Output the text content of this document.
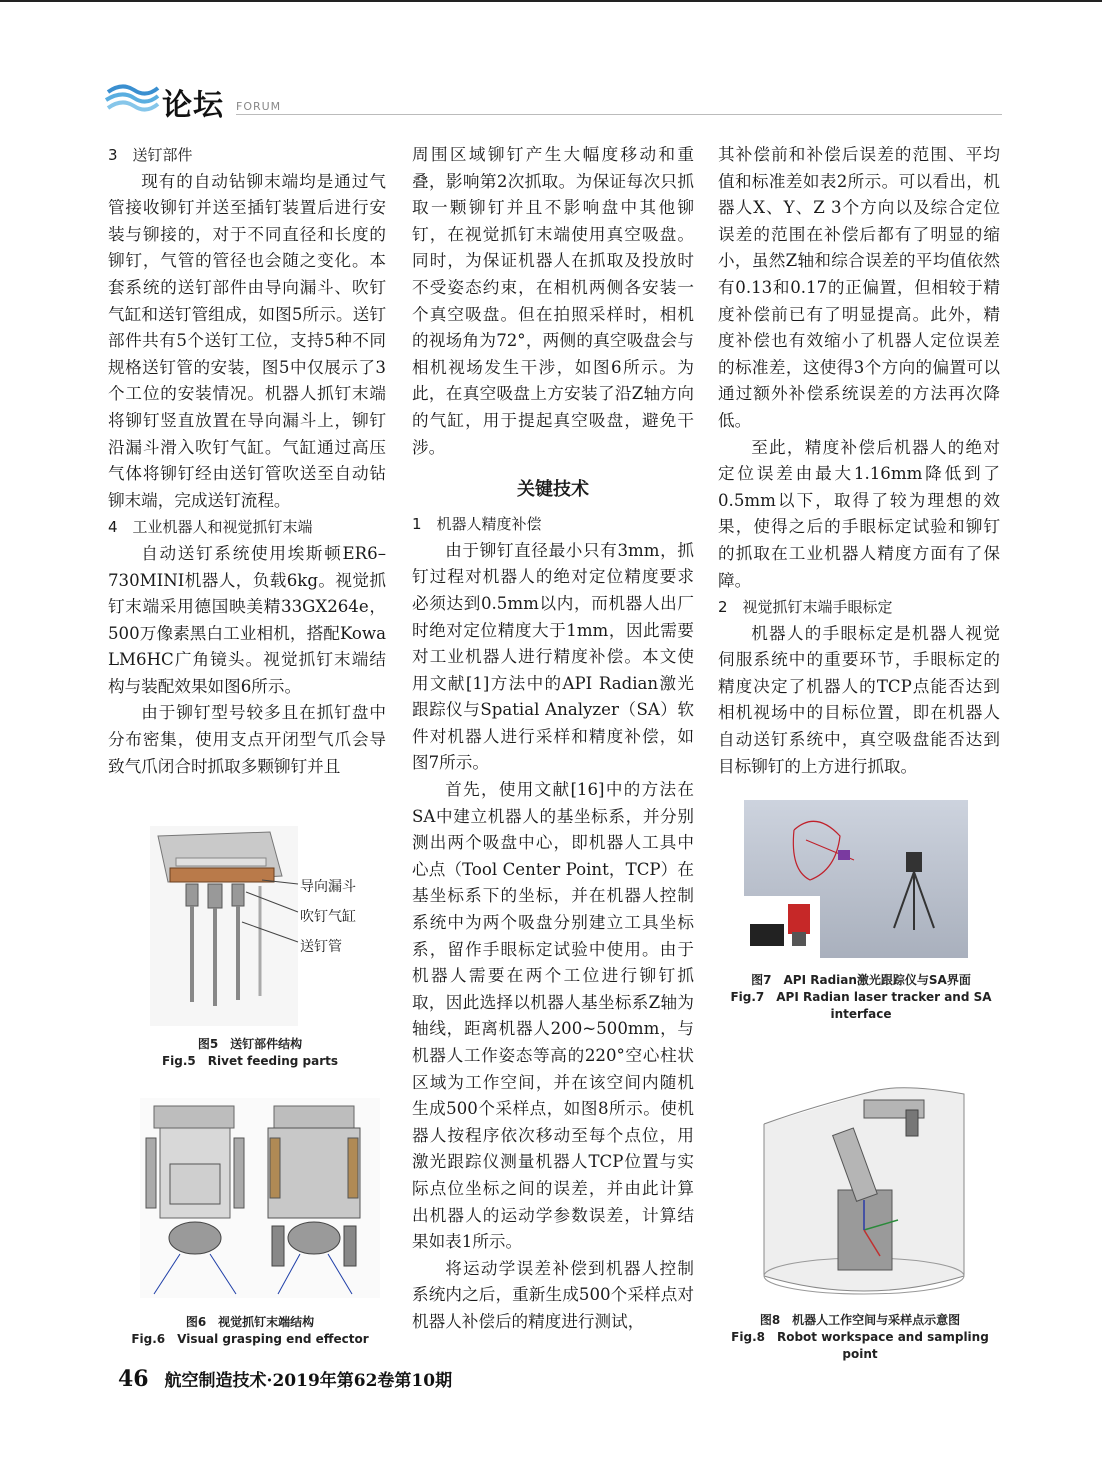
论坛 FORUM

3　送钉部件

现有的自动钻铆末端均是通过气管接收铆钉并送至插钉装置后进行安装与铆接的，对于不同直径和长度的铆钉，气管的管径也会随之变化。本套系统的送钉部件由导向漏斗、吹钉气缸和送钉管组成，如图5所示。送钉部件共有5个送钉工位，支持5种不同规格送钉管的安装，图5中仅展示了3个工位的安装情况。机器人抓钉末端将铆钉竖直放置在导向漏斗上，铆钉沿漏斗滑入吹钉气缸。气缸通过高压气体将铆钉经由送钉管吹送至自动钻铆末端，完成送钉流程。

4　工业机器人和视觉抓钉末端

自动送钉系统使用埃斯顿ER6–730MINI机器人，负载6kg。视觉抓钉末端采用德国映美精33GX264e，500万像素黑白工业相机，搭配Kowa LM6HC广角镜头。视觉抓钉末端结构与装配效果如图6所示。

由于铆钉型号较多且在抓钉盘中分布密集，使用支点开闭型气爪会导致气爪闭合时抓取多颗铆钉并且

导向漏斗
吹钉气缸
送钉管
图5　送钉部件结构
Fig.5　Rivet feeding parts
图6　视觉抓钉末端结构
Fig.6　Visual grasping end effector

周围区域铆钉产生大幅度移动和重叠，影响第2次抓取。为保证每次只抓取一颗铆钉并且不影响盘中其他铆钉，在视觉抓钉末端使用真空吸盘。同时，为保证机器人在抓取及投放时不受姿态约束，在相机两侧各安装一个真空吸盘。但在拍照采样时，相机的视场角为72°，两侧的真空吸盘会与相机视场发生干涉，如图6所示。为此，在真空吸盘上方安装了沿Z轴方向的气缸，用于提起真空吸盘，避免干涉。

关键技术

1　机器人精度补偿

由于铆钉直径最小只有3mm，抓钉过程对机器人的绝对定位精度要求必须达到0.5mm以内，而机器人出厂时绝对定位精度大于1mm，因此需要对工业机器人进行精度补偿。本文使用文献[1]方法中的API Radian激光跟踪仪与Spatial Analyzer（SA）软件对机器人进行采样和精度补偿，如图7所示。

首先，使用文献[16]中的方法在SA中建立机器人的基坐标系，并分别测出两个吸盘中心，即机器人工具中心点（Tool Center Point，TCP）在基坐标系下的坐标，并在机器人控制系统中为两个吸盘分别建立工具坐标系，留作手眼标定试验中使用。由于机器人需要在两个工位进行铆钉抓取，因此选择以机器人基坐标系Z轴为轴线，距离机器人200~500mm，与机器人工作姿态等高的220°空心柱状区域为工作空间，并在该空间内随机生成500个采样点，如图8所示。使机器人按程序依次移动至每个点位，用激光跟踪仪测量机器人TCP位置与实际点位坐标之间的误差，并由此计算出机器人的运动学参数误差，计算结果如表1所示。

将运动学误差补偿到机器人控制系统内之后，重新生成500个采样点对机器人补偿后的精度进行测试，

其补偿前和补偿后误差的范围、平均值和标准差如表2所示。可以看出，机器人X、Y、Z 3个方向以及综合定位误差的范围在补偿后都有了明显的缩小，虽然Z轴和综合误差的平均值依然有0.13和0.17的正偏置，但相较于精度补偿前已有了明显提高。此外，精度补偿也有效缩小了机器人定位误差的标准差，这使得3个方向的偏置可以通过额外补偿系统误差的方法再次降低。

至此，精度补偿后机器人的绝对定位误差由最大1.16mm降低到了0.5mm以下，取得了较为理想的效果，使得之后的手眼标定试验和铆钉的抓取在工业机器人精度方面有了保障。

2　视觉抓钉末端手眼标定

机器人的手眼标定是机器人视觉伺服系统中的重要环节，手眼标定的精度决定了机器人的TCP点能否达到相机视场中的目标位置，即在机器人自动送钉系统中，真空吸盘能否达到目标铆钉的上方进行抓取。

图7　API Radian激光跟踪仪与SA界面
Fig.7　API Radian laser tracker and SA
interface
图8　机器人工作空间与采样点示意图
Fig.8　Robot workspace and sampling point
46 航空制造技术·2019年第62卷第10期
